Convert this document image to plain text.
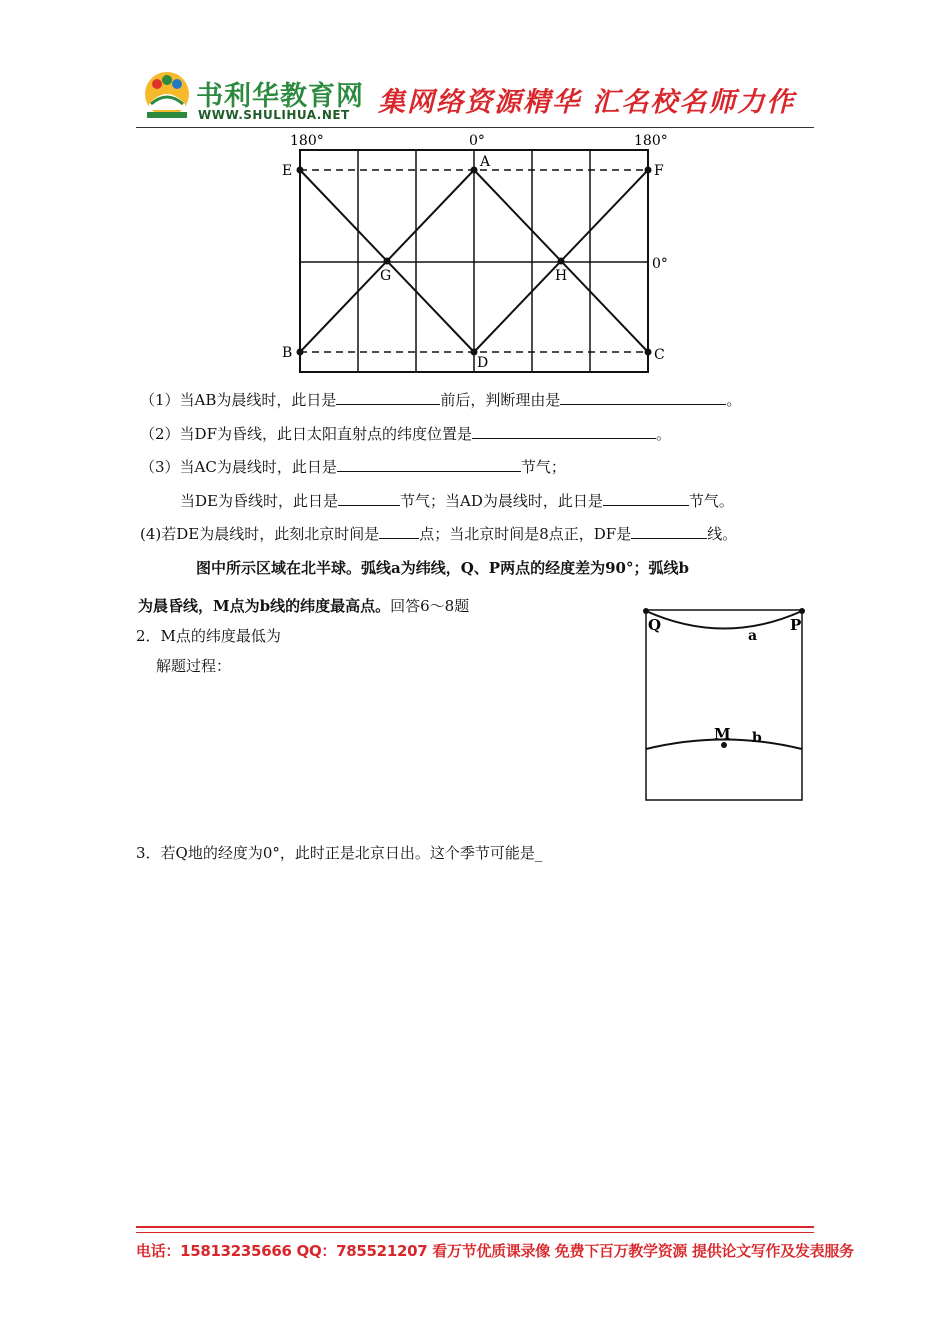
书利华教育网
WWW.SHULIHUA.NET 集网络资源精华 汇名校名师力作
180°	0°	180°
E
A
F
G	H
0°
B
D	C
（1）当AB为晨线时，此日是	前后，判断理由是	。
（2）当DF为昏线，此日太阳直射点的纬度位置是	。
（3）当AC为晨线时，此日是	节气；
当DE为昏线时，此日是	节气；当AD为晨线时，此日是	节气。
(4)若DE为晨线时，此刻北京时间是	点；当北京时间是8点正，DF是	线。
图中所示区域在北半球。弧线a为纬线，Q、P两点的经度差为90°；弧线b
为晨昏线，M点为b线的纬度最高点。回答6～8题
2．M点的纬度最低为
解题过程：
Q	P
a
M b
3．若Q地的经度为0°，此时正是北京日出。这个季节可能是_
电话：15813235666 QQ：785521207 看万节优质课录像 免费下百万教学资源 提供论文写作及发表服务
